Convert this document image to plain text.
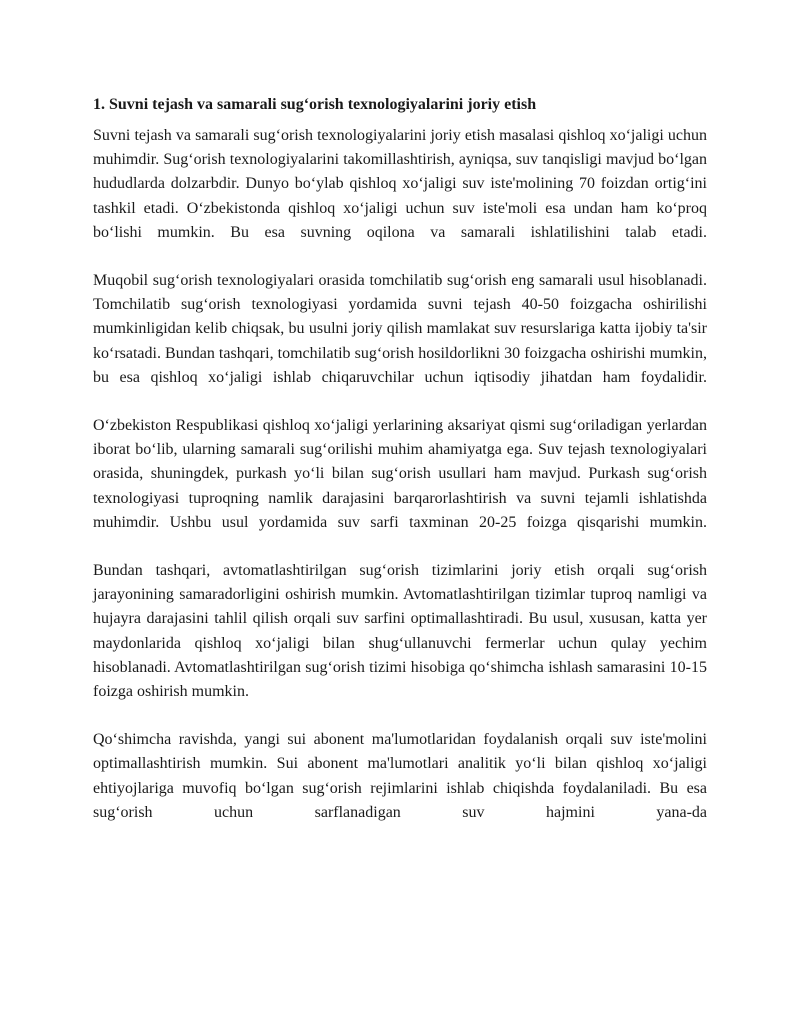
1. Suvni tejash va samarali sug‘orish texnologiyalarini joriy etish

Suvni tejash va samarali sug‘orish texnologiyalarini joriy etish masalasi qishloq xo‘jaligi uchun muhimdir. Sug‘orish texnologiyalarini takomillashtirish, ayniqsa, suv tanqisligi mavjud bo‘lgan hududlarda dolzarbdir. Dunyo bo‘ylab qishloq xo‘jaligi suv iste'molining 70 foizdan ortig‘ini tashkil etadi. O‘zbekistonda qishloq xo‘jaligi uchun suv iste'moli esa undan ham ko‘proq bo‘lishi mumkin. Bu esa suvning oqilona va samarali ishlatilishini talab etadi.

Muqobil sug‘orish texnologiyalari orasida tomchilatib sug‘orish eng samarali usul hisoblanadi. Tomchilatib sug‘orish texnologiyasi yordamida suvni tejash 40-50 foizgacha oshirilishi mumkinligidan kelib chiqsak, bu usulni joriy qilish mamlakat suv resurslariga katta ijobiy ta'sir ko‘rsatadi. Bundan tashqari, tomchilatib sug‘orish hosildorlikni 30 foizgacha oshirishi mumkin, bu esa qishloq xo‘jaligi ishlab chiqaruvchilar uchun iqtisodiy jihatdan ham foydalidir.

O‘zbekiston Respublikasi qishloq xo‘jaligi yerlarining aksariyat qismi sug‘oriladigan yerlardan iborat bo‘lib, ularning samarali sug‘orilishi muhim ahamiyatga ega. Suv tejash texnologiyalari orasida, shuningdek, purkash yo‘li bilan sug‘orish usullari ham mavjud. Purkash sug‘orish texnologiyasi tuproqning namlik darajasini barqarorlashtirish va suvni tejamli ishlatishda muhimdir. Ushbu usul yordamida suv sarfi taxminan 20-25 foizga qisqarishi mumkin.

Bundan tashqari, avtomatlashtirilgan sug‘orish tizimlarini joriy etish orqali sug‘orish jarayonining samaradorligini oshirish mumkin. Avtomatlashtirilgan tizimlar tuproq namligi va hujayra darajasini tahlil qilish orqali suv sarfini optimallashtiradi. Bu usul, xususan, katta yer maydonlarida qishloq xo‘jaligi bilan shug‘ullanuvchi fermerlar uchun qulay yechim hisoblanadi. Avtomatlashtirilgan sug‘orish tizimi hisobiga qo‘shimcha ishlash samarasini 10-15 foizga oshirish mumkin.

Qo‘shimcha ravishda, yangi sui abonent ma'lumotlaridan foydalanish orqali suv iste'molini optimallashtirish mumkin. Sui abonent ma'lumotlari analitik yo‘li bilan qishloq xo‘jaligi ehtiyojlariga muvofiq bo‘lgan sug‘orish rejimlarini ishlab chiqishda foydalaniladi. Bu esa sug‘orish uchun sarflanadigan suv hajmini yana-da
